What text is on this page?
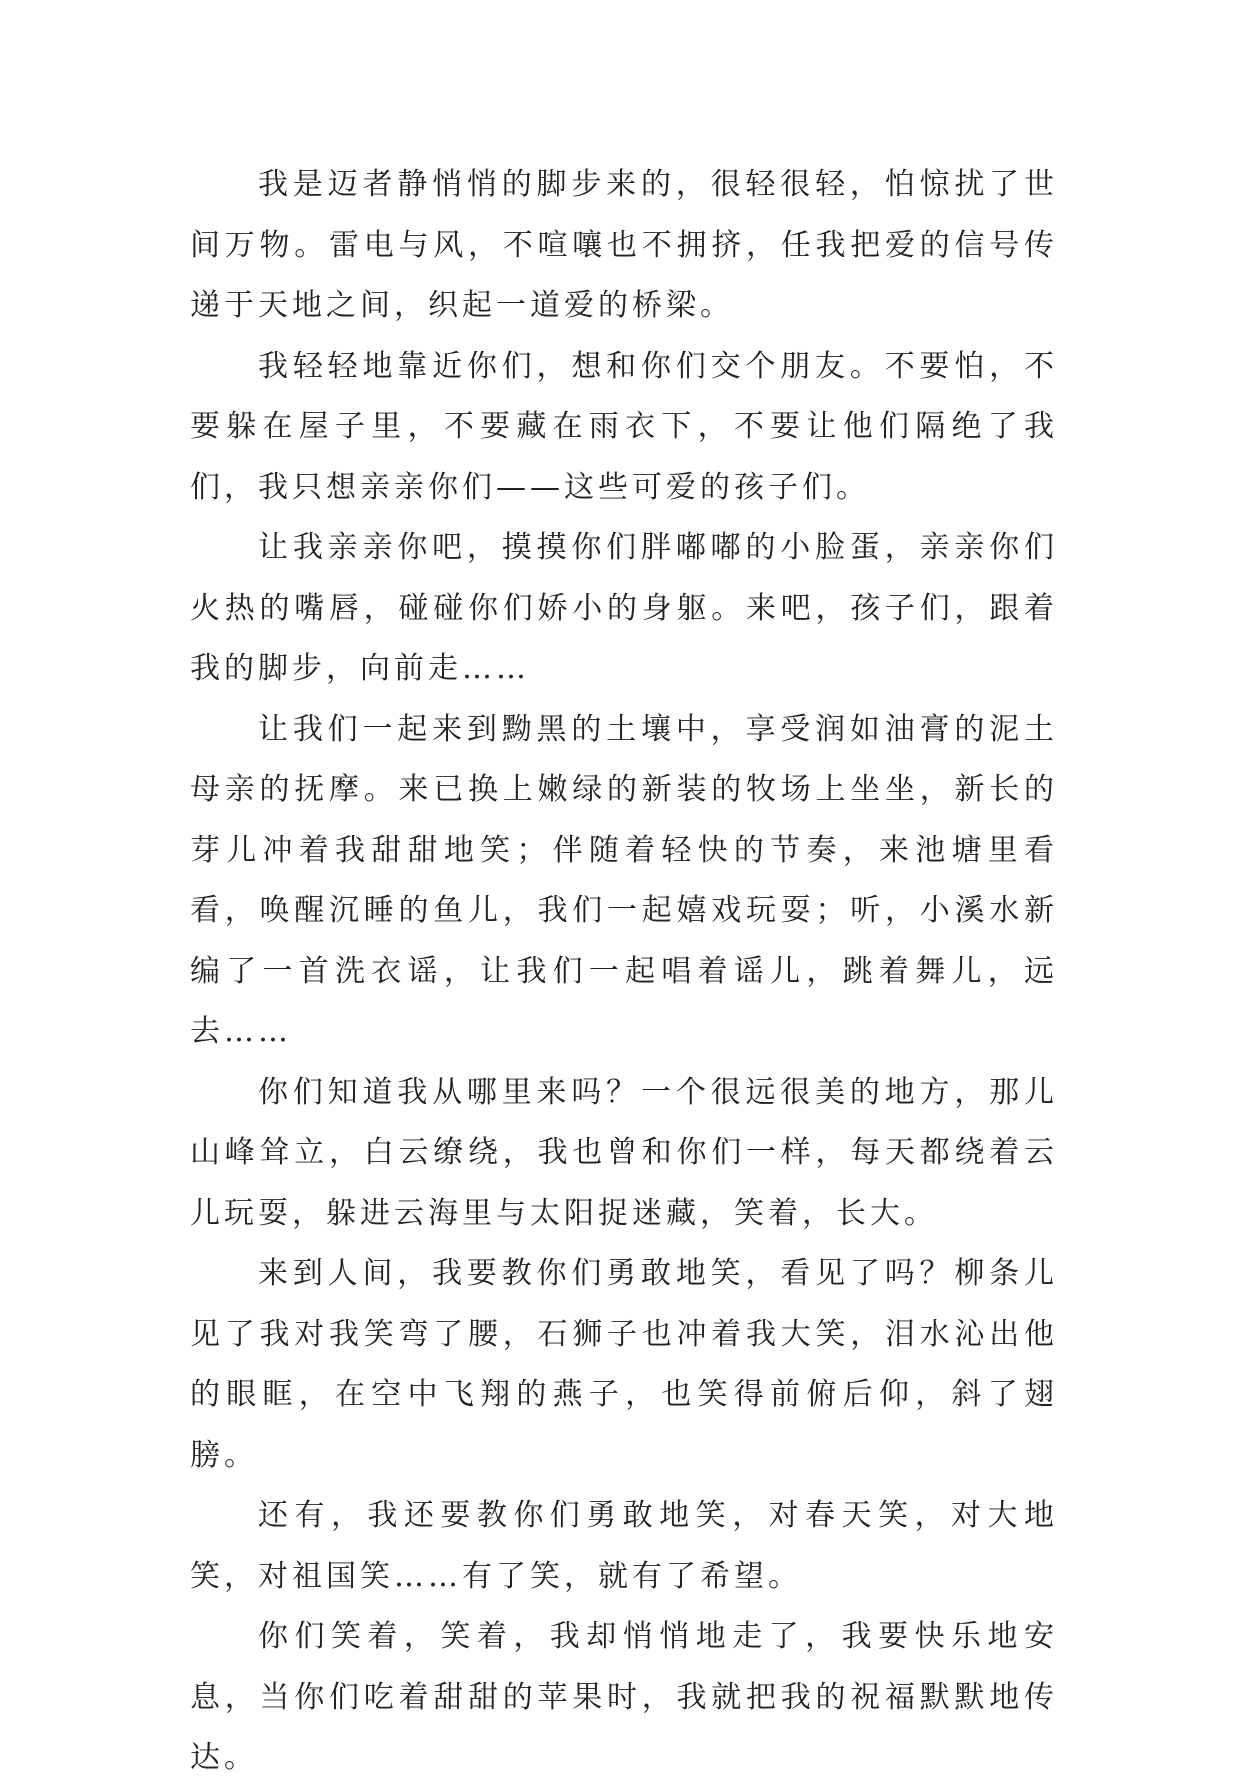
我是迈者静悄悄的脚步来的，很轻很轻，怕惊扰了世间万物。雷电与风，不喧嚷也不拥挤，任我把爱的信号传递于天地之间，织起一道爱的桥梁。

我轻轻地靠近你们，想和你们交个朋友。不要怕，不要躲在屋子里，不要藏在雨衣下，不要让他们隔绝了我们，我只想亲亲你们——这些可爱的孩子们。

让我亲亲你吧，摸摸你们胖嘟嘟的小脸蛋，亲亲你们火热的嘴唇，碰碰你们娇小的身躯。来吧，孩子们，跟着我的脚步，向前走……

让我们一起来到黝黑的土壤中，享受润如油膏的泥土母亲的抚摩。来已换上嫩绿的新装的牧场上坐坐，新长的芽儿冲着我甜甜地笑；伴随着轻快的节奏，来池塘里看看，唤醒沉睡的鱼儿，我们一起嬉戏玩耍；听，小溪水新编了一首洗衣谣，让我们一起唱着谣儿，跳着舞儿，远去……

你们知道我从哪里来吗？一个很远很美的地方，那儿山峰耸立，白云缭绕，我也曾和你们一样，每天都绕着云儿玩耍，躲进云海里与太阳捉迷藏，笑着，长大。

来到人间，我要教你们勇敢地笑，看见了吗？柳条儿见了我对我笑弯了腰，石狮子也冲着我大笑，泪水沁出他的眼眶，在空中飞翔的燕子，也笑得前俯后仰，斜了翅膀。

还有，我还要教你们勇敢地笑，对春天笑，对大地笑，对祖国笑……有了笑，就有了希望。

你们笑着，笑着，我却悄悄地走了，我要快乐地安息，当你们吃着甜甜的苹果时，我就把我的祝福默默地传达。
